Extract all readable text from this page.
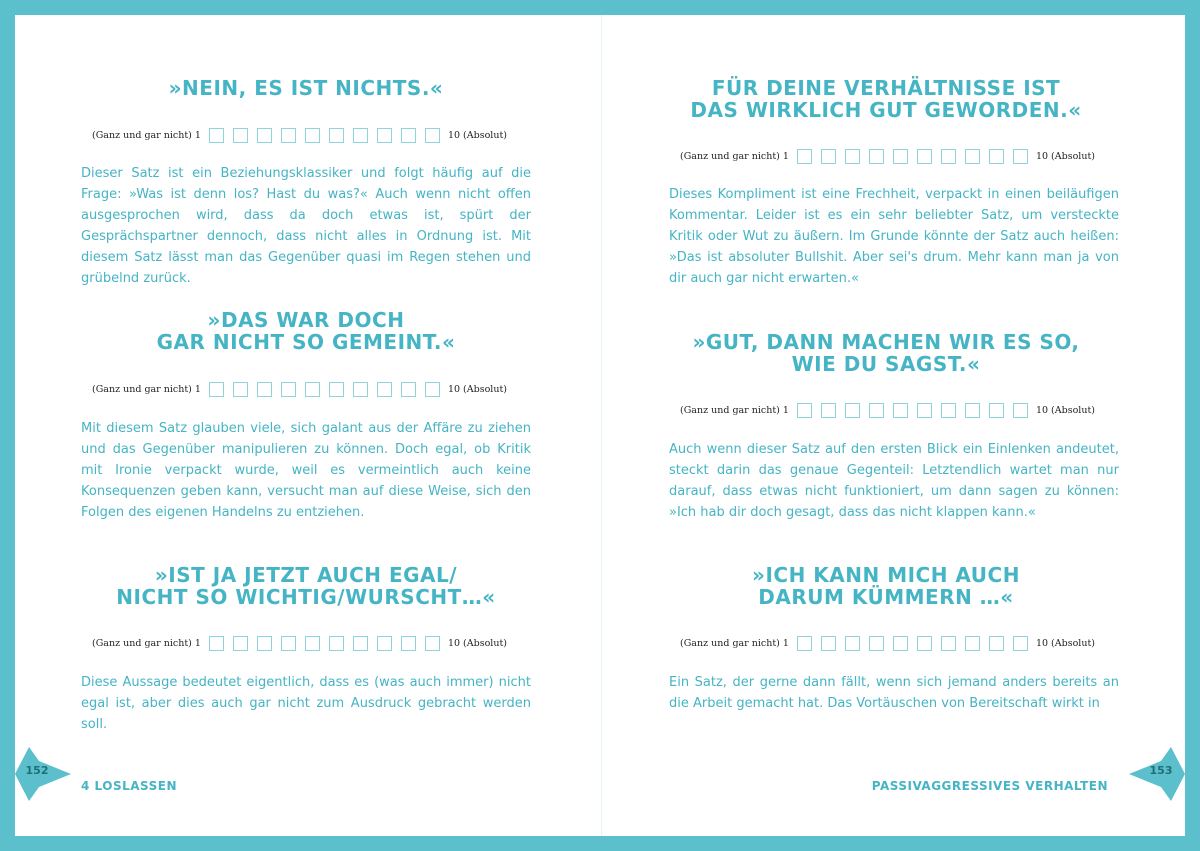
»NEIN, ES IST NICHTS.«
(Ganz und gar nicht) 1	10 (Absolut)

Dieser Satz ist ein Beziehungsklassiker und folgt häufig auf die Frage: »Was ist denn los? Hast du was?« Auch wenn nicht offen ausgesprochen wird, dass da doch etwas ist, spürt der Gesprächspartner dennoch, dass nicht alles in Ordnung ist. Mit diesem Satz lässt man das Gegenüber quasi im Regen stehen und grübelnd zurück.

»DAS WAR DOCH
GAR NICHT SO GEMEINT.«
(Ganz und gar nicht) 1	10 (Absolut)

Mit diesem Satz glauben viele, sich galant aus der Affäre zu ziehen und das Gegenüber manipulieren zu können. Doch egal, ob Kritik mit Ironie verpackt wurde, weil es vermeintlich auch keine Konsequenzen geben kann, versucht man auf diese Weise, sich den Folgen des eigenen Handelns zu entziehen.

»IST JA JETZT AUCH EGAL/
NICHT SO WICHTIG/WURSCHT…«
(Ganz und gar nicht) 1	10 (Absolut)

Diese Aussage bedeutet eigentlich, dass es (was auch immer) nicht egal ist, aber dies auch gar nicht zum Ausdruck gebracht werden soll.

4 LOSLASSEN
FÜR DEINE VERHÄLTNISSE IST
DAS WIRKLICH GUT GEWORDEN.«
(Ganz und gar nicht) 1	10 (Absolut)

Dieses Kompliment ist eine Frechheit, verpackt in einen beiläufigen Kommentar. Leider ist es ein sehr beliebter Satz, um versteckte Kritik oder Wut zu äußern. Im Grunde könnte der Satz auch heißen: »Das ist absoluter Bullshit. Aber sei's drum. Mehr kann man ja von dir auch gar nicht erwarten.«

»GUT, DANN MACHEN WIR ES SO,
WIE DU SAGST.«
(Ganz und gar nicht) 1	10 (Absolut)

Auch wenn dieser Satz auf den ersten Blick ein Einlenken andeutet, steckt darin das genaue Gegenteil: Letztendlich wartet man nur darauf, dass etwas nicht funktioniert, um dann sagen zu können: »Ich hab dir doch gesagt, dass das nicht klappen kann.«

»ICH KANN MICH AUCH
DARUM KÜMMERN …«
(Ganz und gar nicht) 1	10 (Absolut)

Ein Satz, der gerne dann fällt, wenn sich jemand anders bereits an die Arbeit gemacht hat. Das Vortäuschen von Bereitschaft wirkt in

PASSIVAGGRESSIVES VERHALTEN
152	153
